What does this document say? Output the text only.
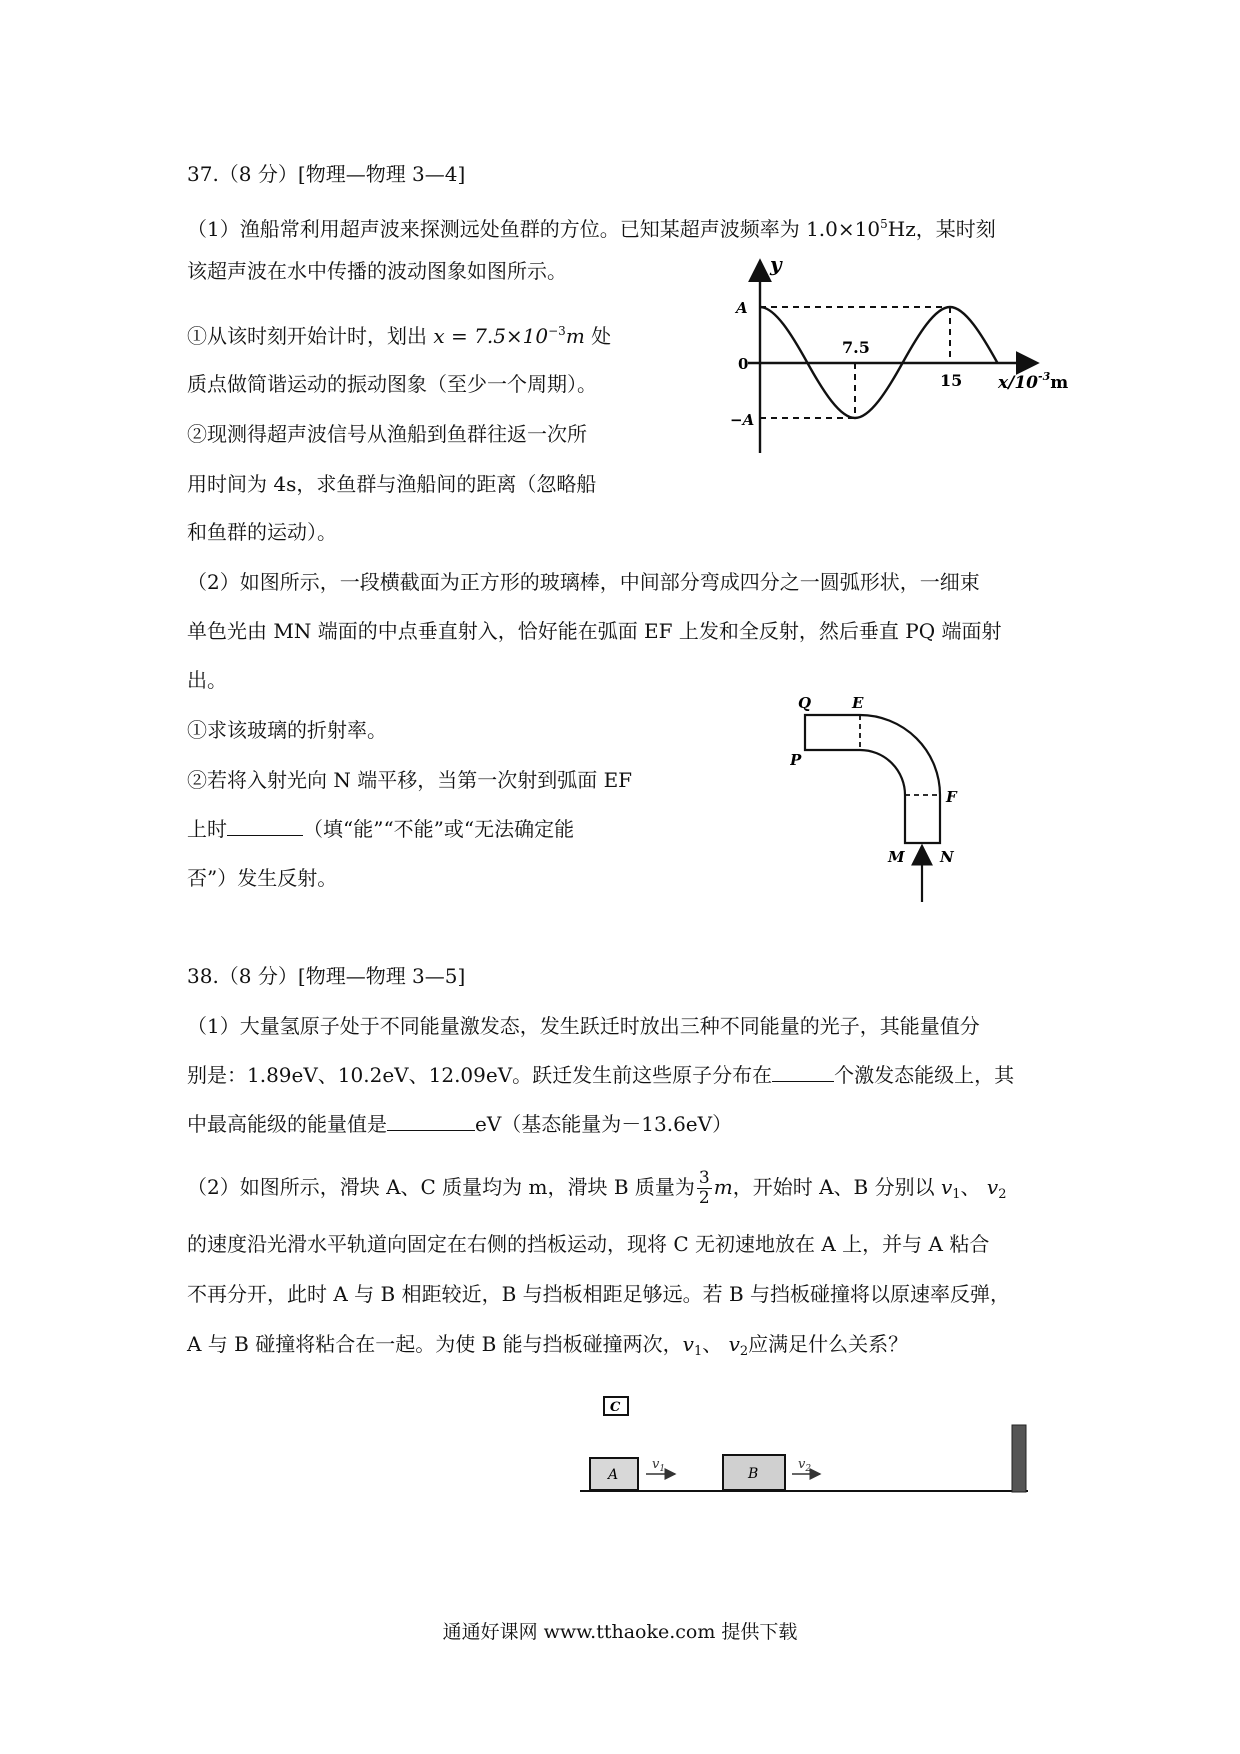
37.（8 分）[物理—物理 3—4]
（1）渔船常利用超声波来探测远处鱼群的方位。已知某超声波频率为 $1.0\times 10^5Hz$，某时刻
该超声波在水中传播的波动图象如图所示。
①从该时刻开始计时，划出 $x = 7.5\times 10^{-3}m$ 处
质点做简谐运动的振动图象（至少一个周期）。
②现测得超声波信号从渔船到鱼群往返一次所
用时间为 4s，求鱼群与渔船间的距离（忽略船
和鱼群的运动）。
y
A
0
−A
7.5
15 $x/10^{-3}m$
（2）如图所示，一段横截面为正方形的玻璃棒，中间部分弯成四分之一圆弧形状，一细束
单色光由 MN 端面的中点垂直射入，恰好能在弧面 EF 上发和全反射，然后垂直 PQ 端面射
出。
①求该玻璃的折射率。
②若将入射光向 N 端平移，当第一次射到弧面 EF
上时	（填“能”“不能”或“无法确定能
否”）发生反射。
Q	E
P
F
M N
38.（8 分）[物理—物理 3—5]
（1）大量氢原子处于不同能量激发态，发生跃迁时放出三种不同能量的光子，其能量值分
别是：1.89eV、10.2eV、12.09eV。跃迁发生前这些原子分布在	个激发态能级上，其
中最高能级的能量值是	eV（基态能量为－13.6eV）
（2）如图所示，滑块 A、C 质量均为 m，滑块 B 质量为 $\frac{3}{2}$ m，开始时 A、B 分别以 $v_1$、 $v_2$
的速度沿光滑水平轨道向固定在右侧的挡板运动，现将 C 无初速地放在 A 上，并与 A 粘合
不再分开，此时 A 与 B 相距较近，B 与挡板相距足够远。若 B 与挡板碰撞将以原速率反弹，
A 与 B 碰撞将粘合在一起。为使 B 能与挡板碰撞两次，$v_1$、 $v_2$应满足什么关系？
C
A
$v_1$	B
$v_2$
通通好课网 www.tthaoke.com 提供下载
